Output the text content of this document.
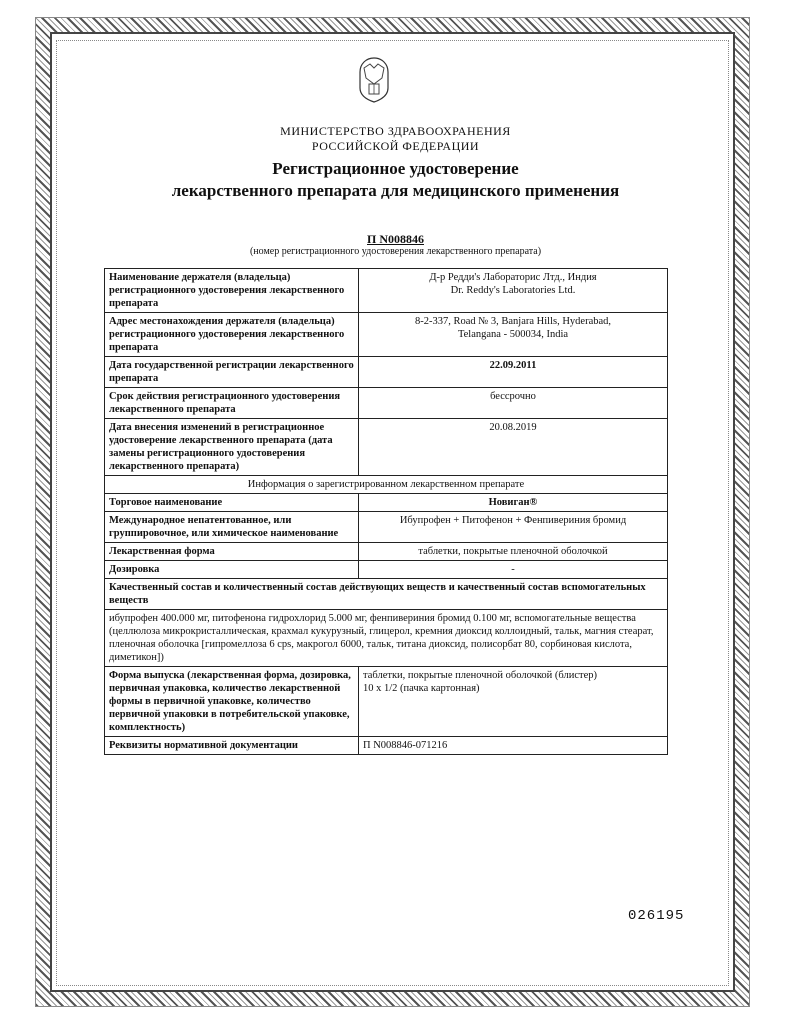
МИНИСТЕРСТВО ЗДРАВООХРАНЕНИЯ
РОССИЙСКОЙ ФЕДЕРАЦИИ
Регистрационное удостоверение
лекарственного препарата для медицинского применения
П N008846
(номер регистрационного удостоверения лекарственного препарата)
Наименование держателя (владельца) регистрационного удостоверения лекарственного препарата	Д-р Редди's Лабораторис Лтд., Индия
Dr. Reddy's Laboratories Ltd.

Адрес местонахождения держателя (владельца) регистрационного удостоверения лекарственного препарата	8-2-337, Road № 3, Banjara Hills, Hyderabad,
Telangana - 500034, India

Дата государственной регистрации лекарственного препарата	22.09.2011
Срок действия регистрационного удостоверения лекарственного препарата	бессрочно
Дата внесения изменений в регистрационное удостоверение лекарственного препарата (дата замены регистрационного удостоверения лекарственного препарата)	20.08.2019
Информация о зарегистрированном лекарственном препарате	
Торговое наименование	Новиган®
Международное непатентованное, или группировочное, или химическое наименование	Ибупрофен + Питофенон + Фенпивериния бромид
Лекарственная форма	таблетки, покрытые пленочной оболочкой
Дозировка	-
Качественный состав и количественный состав действующих веществ и качественный состав вспомогательных веществ	
ибупрофен 400.000 мг, питофенона гидрохлорид 5.000 мг, фенпивериния бромид 0.100 мг, вспомогательные вещества (целлюлоза микрокристаллическая, крахмал кукурузный, глицерол, кремния диоксид коллоидный, тальк, магния стеарат, пленочная оболочка [гипромеллоза 6 cps, макрогол 6000, тальк, титана диоксид, полисорбат 80, сорбиновая кислота, диметикон])	
Форма выпуска (лекарственная форма, дозировка, первичная упаковка, количество лекарственной формы в первичной упаковке, количество первичной упаковки в потребительской упаковке, комплектность)	таблетки, покрытые пленочной оболочкой (блистер)
10 x 1/2 (пачка картонная)

Реквизиты нормативной документации	П N008846-071216
026195
